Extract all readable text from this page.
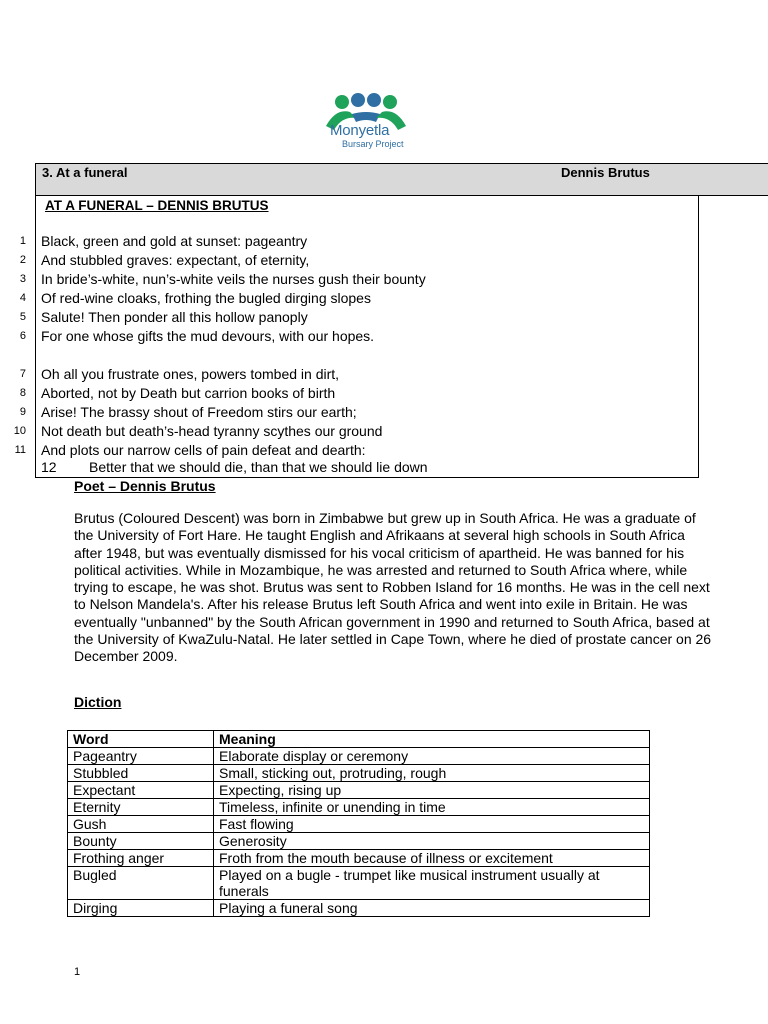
Monyetla
Bursary Project
3. At a funeral	Dennis Brutus
AT A FUNERAL – DENNIS BRUTUS
1 Black, green and gold at sunset: pageantry
2 And stubbled graves: expectant, of eternity,
3 In bride’s-white, nun’s-white veils the nurses gush their bounty
4 Of red-wine cloaks, frothing the bugled dirging slopes
5 Salute! Then ponder all this hollow panoply
6 For one whose gifts the mud devours, with our hopes.
7 Oh all you frustrate ones, powers tombed in dirt,
8 Aborted, not by Death but carrion books of birth
9 Arise! The brassy shout of Freedom stirs our earth;
10 Not death but death’s-head tyranny scythes our ground
11 And plots our narrow cells of pain defeat and dearth:
12 Better that we should die, than that we should lie down
Poet – Dennis Brutus
Brutus (Coloured Descent) was born in Zimbabwe but grew up in South Africa. He was a graduate of the University of Fort Hare. He taught English and Afrikaans at several high schools in South Africa after 1948, but was eventually dismissed for his vocal criticism of apartheid. He was banned for his political activities. While in Mozambique, he was arrested and returned to South Africa where, while trying to escape, he was shot. Brutus was sent to Robben Island for 16 months. He was in the cell next to Nelson Mandela's. After his release Brutus left South Africa and went into exile in Britain. He was eventually "unbanned" by the South African government in 1990 and returned to South Africa, based at the University of KwaZulu-Natal. He later settled in Cape Town, where he died of prostate cancer on 26 December 2009.
Diction
Word	Meaning
Pageantry	Elaborate display or ceremony
Stubbled	Small, sticking out, protruding, rough
Expectant	Expecting, rising up
Eternity	Timeless, infinite or unending in time
Gush	Fast flowing
Bounty	Generosity
Frothing anger	Froth from the mouth because of illness or excitement
Bugled	Played on a bugle - trumpet like musical instrument usually at funerals
Dirging	Playing a funeral song
1
